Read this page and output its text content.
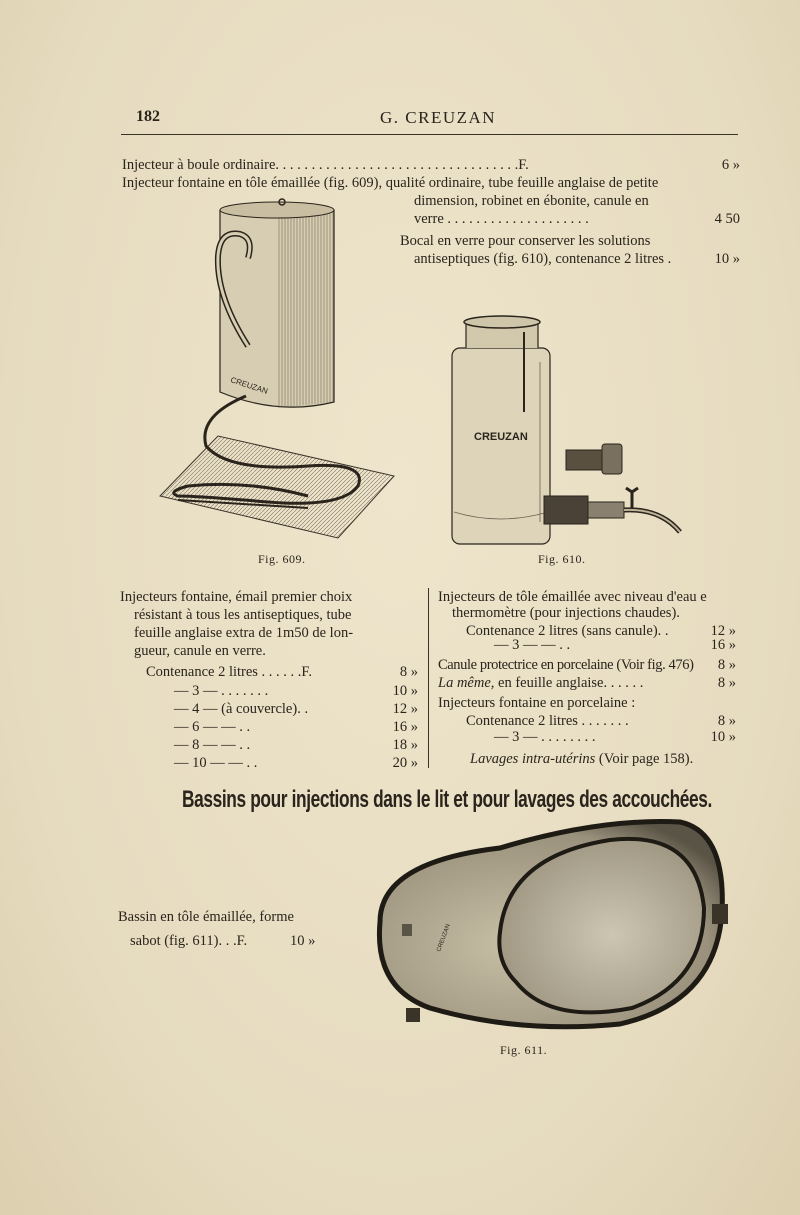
182	G. CREUZAN
Injecteur à boule ordinaire. . . . . . . . . . . . . . . . . . . . . . . . . . . . . . . . . .F.	6 »
Injecteur fontaine en tôle émaillée (fig. 609), qualité ordinaire, tube feuille anglaise de petite
dimension, robinet en ébonite, canule en
verre . . . . . . . . . . . . . . . . . . . .	4 50
Bocal en verre pour conserver les solutions
antiseptiques (fig. 610), contenance 2 litres .	10 »
CREUZAN
Fig. 609.
CREUZAN
Fig. 610.
Injecteurs fontaine, émail premier choix
résistant à tous les antiseptiques, tube
feuille anglaise extra de 1m50 de lon-
gueur, canule en verre.
Contenance 2 litres . . . . . .F.	8 »
— 3 — . . . . . . .	10 »
— 4 — (à couvercle). .	12 »
— 6 — — . .	16 »
— 8 — — . .	18 »
— 10 — — . .	20 »
Injecteurs de tôle émaillée avec niveau d'eau e
thermomètre (pour injections chaudes).
Contenance 2 litres (sans canule). .	12 »
— 3 — — . .	16 »
Canule protectrice en porcelaine (Voir fig. 476)	8 »
La même, en feuille anglaise. . . . . .	8 »
Injecteurs fontaine en porcelaine :
Contenance 2 litres . . . . . . .	8 »
— 3 — . . . . . . . .	10 »
Lavages intra-utérins (Voir page 158).
Bassins pour injections dans le lit et pour lavages des accouchées.
Bassin en tôle émaillée, forme
sabot (fig. 611). . .F.	10 »	CREUZAN
Fig. 611.
